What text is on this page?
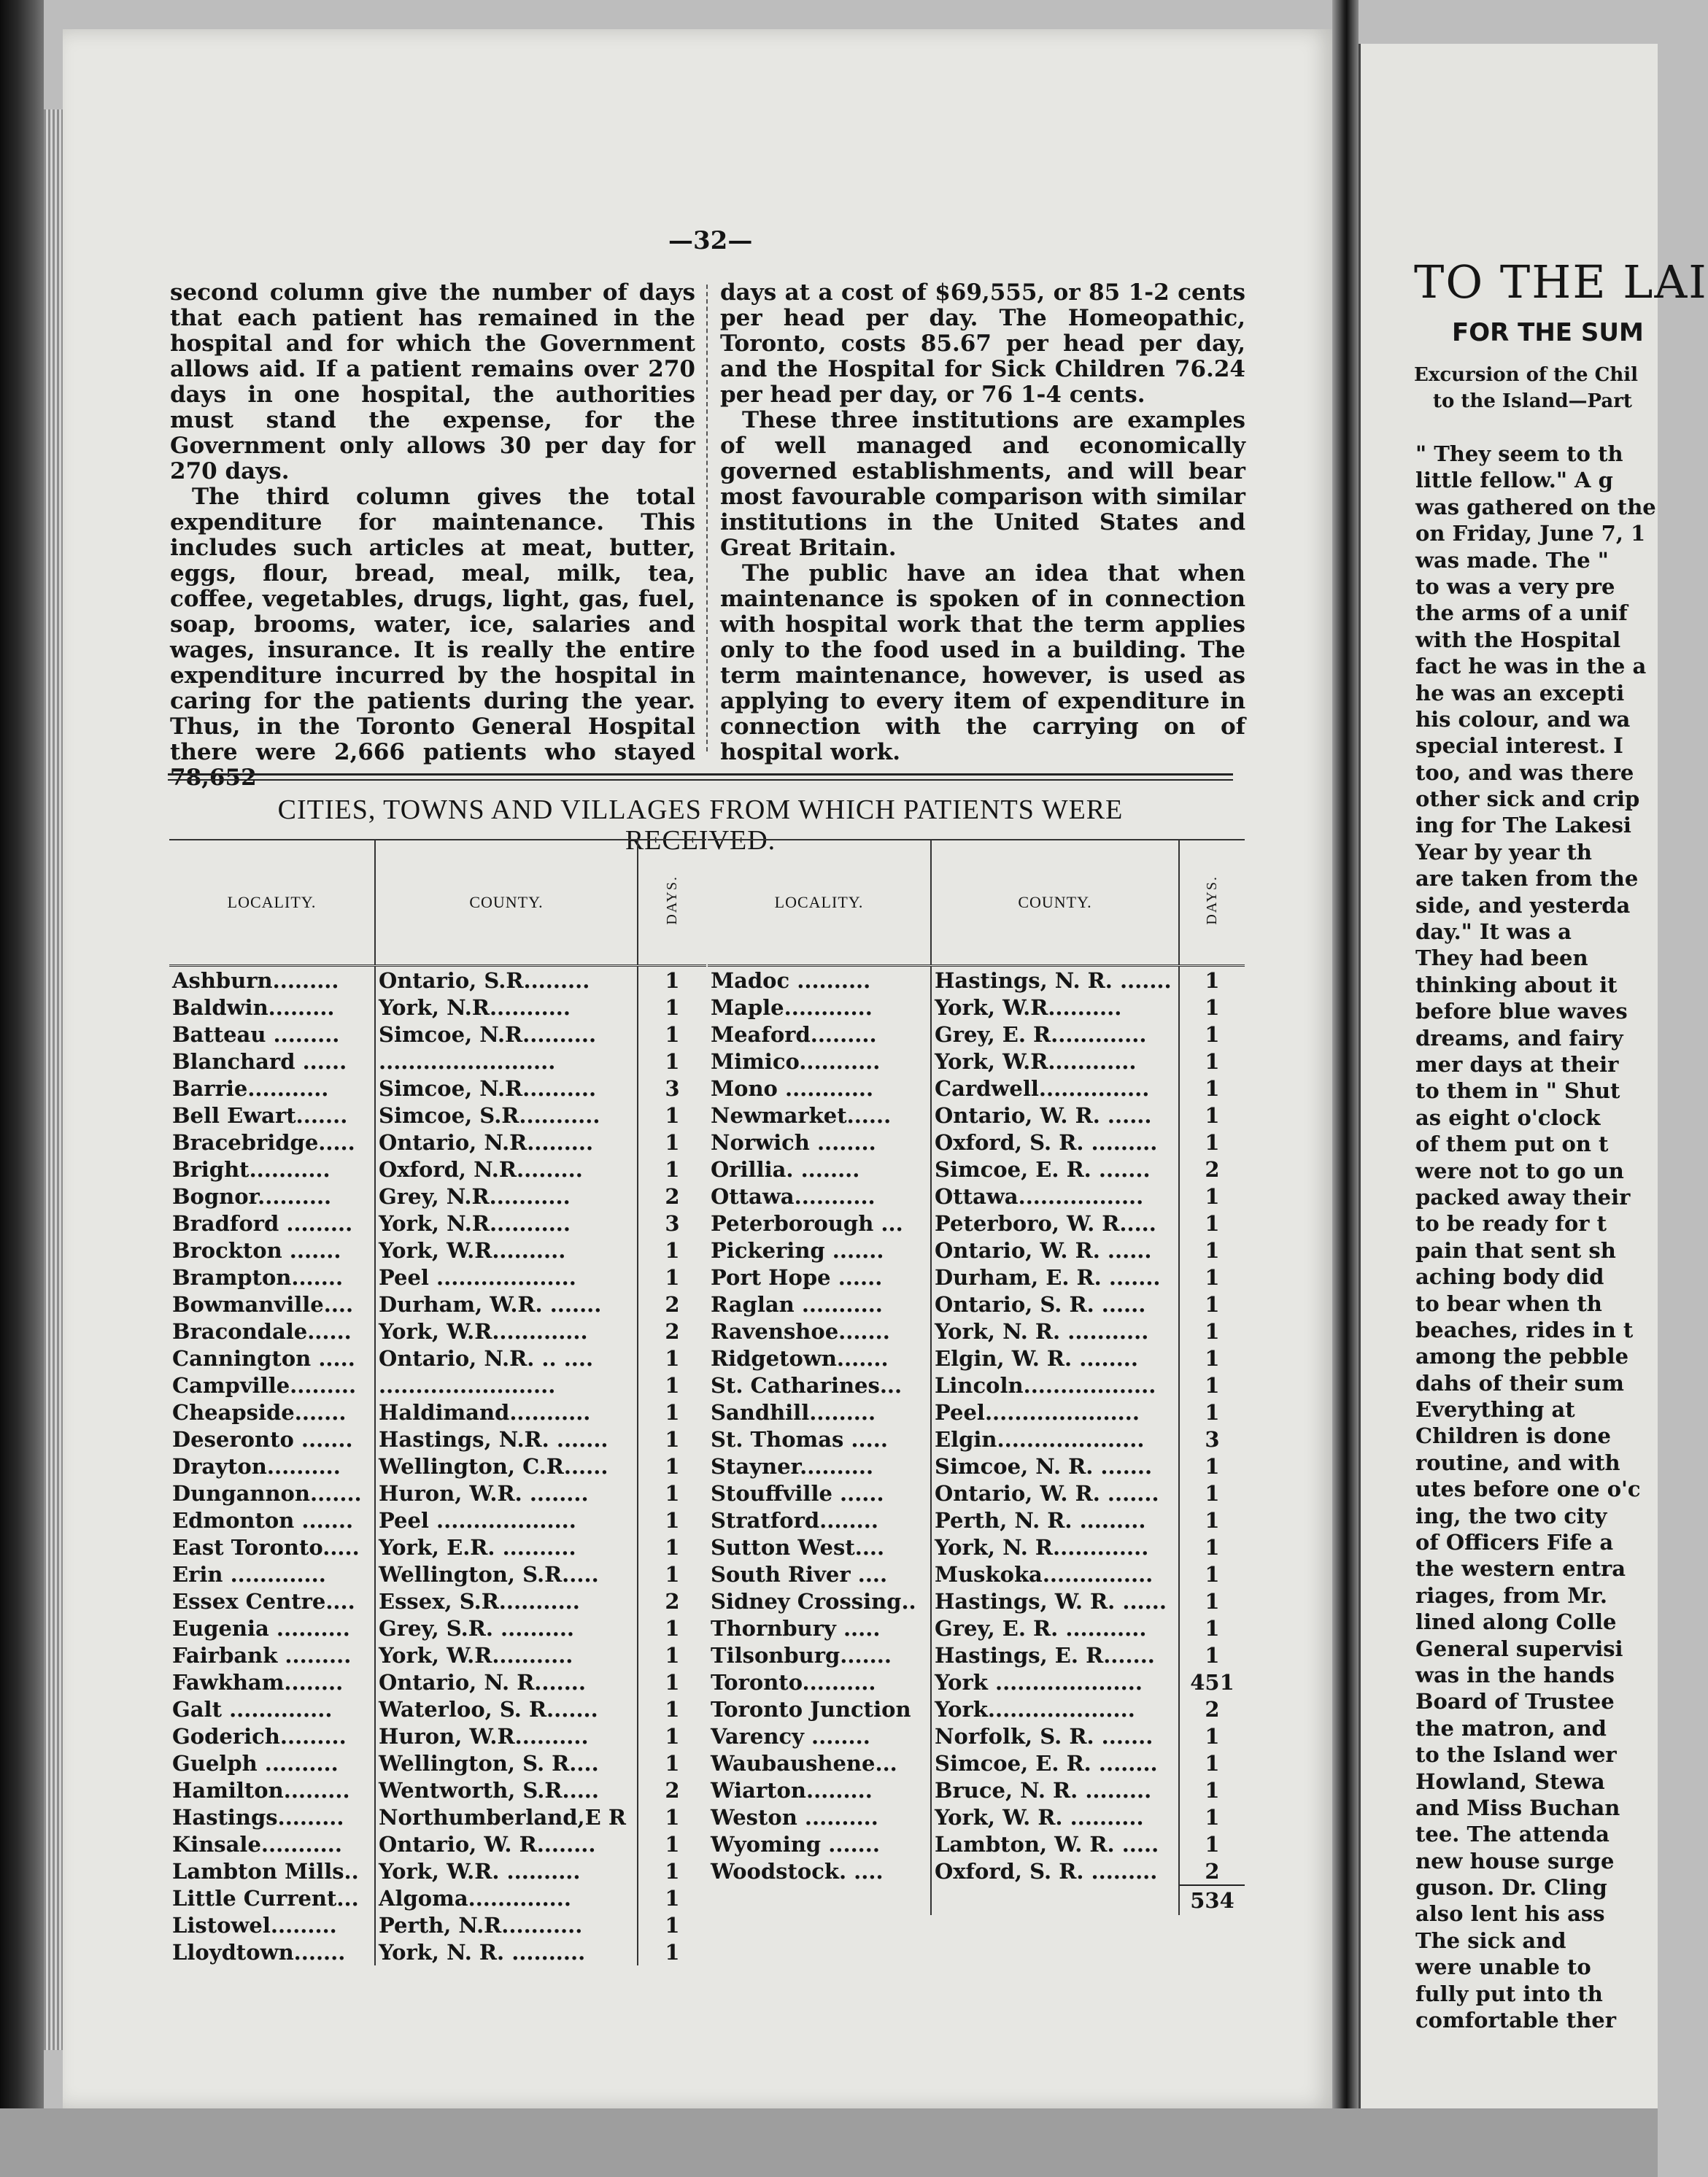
—32—

second column give the number of days that each patient has remained in the hospital and for which the Government allows aid. If a patient remains over 270 days in one hospital, the authorities must stand the expense, for the Government only allows 30 per day for 270 days.

The third column gives the total expenditure for maintenance. This includes such articles at meat, butter, eggs, flour, bread, meal, milk, tea, coffee, vegetables, drugs, light, gas, fuel, soap, brooms, water, ice, salaries and wages, insurance. It is really the entire expenditure incurred by the hospital in caring for the patients during the year. Thus, in the Toronto General Hospital there were 2,666 patients who stayed 78,652

days at a cost of $69,555, or 85 1-2 cents per head per day. The Homeopathic, Toronto, costs 85.67 per head per day, and the Hospital for Sick Children 76.24 per head per day, or 76 1-4 cents.

These three institutions are examples of well managed and economically governed establishments, and will bear most favourable comparison with similar institutions in the United States and Great Britain.

The public have an idea that when maintenance is spoken of in connection with hospital work that the term applies only to the food used in a building. The term maintenance, however, is used as applying to every item of expenditure in connection with the carrying on of hospital work.

CITIES, TOWNS AND VILLAGES FROM WHICH PATIENTS WERE
RECEIVED.
LOCALITY.	COUNTY.	DAYS.
Ashburn.........	Ontario, S.R.........	1
Baldwin.........	York, N.R...........	1
Batteau .........	Simcoe, N.R..........	1
Blanchard ......	........................	1
Barrie...........	Simcoe, N.R..........	3
Bell Ewart.......	Simcoe, S.R...........	1
Bracebridge.....	Ontario, N.R.........	1
Bright...........	Oxford, N.R.........	1
Bognor..........	Grey, N.R...........	2
Bradford .........	York, N.R...........	3
Brockton .......	York, W.R..........	1
Brampton.......	Peel ...................	1
Bowmanville....	Durham, W.R. .......	2
Bracondale......	York, W.R.............	2
Cannington .....	Ontario, N.R. .. ....	1
Campville.........	........................	1
Cheapside.......	Haldimand...........	1
Deseronto .......	Hastings, N.R. .......	1
Drayton..........	Wellington, C.R......	1
Dungannon.......	Huron, W.R. ........	1
Edmonton .......	Peel ...................	1
East Toronto.....	York, E.R. ..........	1
Erin .............	Wellington, S.R.....	1
Essex Centre....	Essex, S.R...........	2
Eugenia ..........	Grey, S.R. ..........	1
Fairbank .........	York, W.R...........	1
Fawkham........	Ontario, N. R.......	1
Galt ..............	Waterloo, S. R.......	1
Goderich.........	Huron, W.R..........	1
Guelph ..........	Wellington, S. R....	1
Hamilton.........	Wentworth, S.R.....	2
Hastings.........	Northumberland,E R	1
Kinsale...........	Ontario, W. R........	1
Lambton Mills..	York, W.R. ..........	1
Little Current...	Algoma..............	1
Listowel.........	Perth, N.R...........	1
Lloydtown.......	York, N. R. ..........	1
LOCALITY.	COUNTY.	DAYS.
Madoc ..........	Hastings, N. R. .......	1
Maple............	York, W.R..........	1
Meaford.........	Grey, E. R.............	1
Mimico...........	York, W.R............	1
Mono ............	Cardwell...............	1
Newmarket......	Ontario, W. R. ......	1
Norwich ........	Oxford, S. R. .........	1
Orillia. ........	Simcoe, E. R. .......	2
Ottawa...........	Ottawa.................	1
Peterborough ...	Peterboro, W. R.....	1
Pickering .......	Ontario, W. R. ......	1
Port Hope ......	Durham, E. R. .......	1
Raglan ...........	Ontario, S. R. ......	1
Ravenshoe.......	York, N. R. ...........	1
Ridgetown.......	Elgin, W. R. ........	1
St. Catharines...	Lincoln..................	1
Sandhill.........	Peel.....................	1
St. Thomas .....	Elgin....................	3
Stayner..........	Simcoe, N. R. .......	1
Stouffville ......	Ontario, W. R. .......	1
Stratford........	Perth, N. R. .........	1
Sutton West....	York, N. R.............	1
South River ....	Muskoka...............	1
Sidney Crossing..	Hastings, W. R. ......	1
Thornbury .....	Grey, E. R. ...........	1
Tilsonburg.......	Hastings, E. R.......	1
Toronto..........	York ....................	451
Toronto Junction	York....................	2
Varency ........	Norfolk, S. R. .......	1
Waubaushene...	Simcoe, E. R. ........	1
Wiarton.........	Bruce, N. R. .........	1
Weston ..........	York, W. R. ..........	1
Wyoming .......	Lambton, W. R. .....	1
Woodstock. ....	Oxford, S. R. .........	2
		534
TO THE LAI
FOR THE SUM
Excursion of the Chil
to the Island—Part
" They seem to th
little fellow." A g
was gathered on the
on Friday, June 7, 1
was made. The "
to was a very pre
the arms of a unif
with the Hospital
fact he was in the a
he was an excepti
his colour, and wa
special interest. I
too, and was there
other sick and crip
ing for The Lakesi
Year by year th
are taken from the
side, and yesterda
day." It was a
They had been
thinking about it
before blue waves
dreams, and fairy
mer days at their
to them in " Shut
as eight o'clock
of them put on t
were not to go un
packed away their
to be ready for t
pain that sent sh
aching body did
to bear when th
beaches, rides in t
among the pebble
dahs of their sum
Everything at
Children is done
routine, and with
utes before one o'c
ing, the two city
of Officers Fife a
the western entra
riages, from Mr.
lined along Colle
General supervisi
was in the hands
Board of Trustee
the matron, and
to the Island wer
Howland, Stewa
and Miss Buchan
tee. The attenda
new house surge
guson. Dr. Cling
also lent his ass
The sick and
were unable to
fully put into th
comfortable ther
